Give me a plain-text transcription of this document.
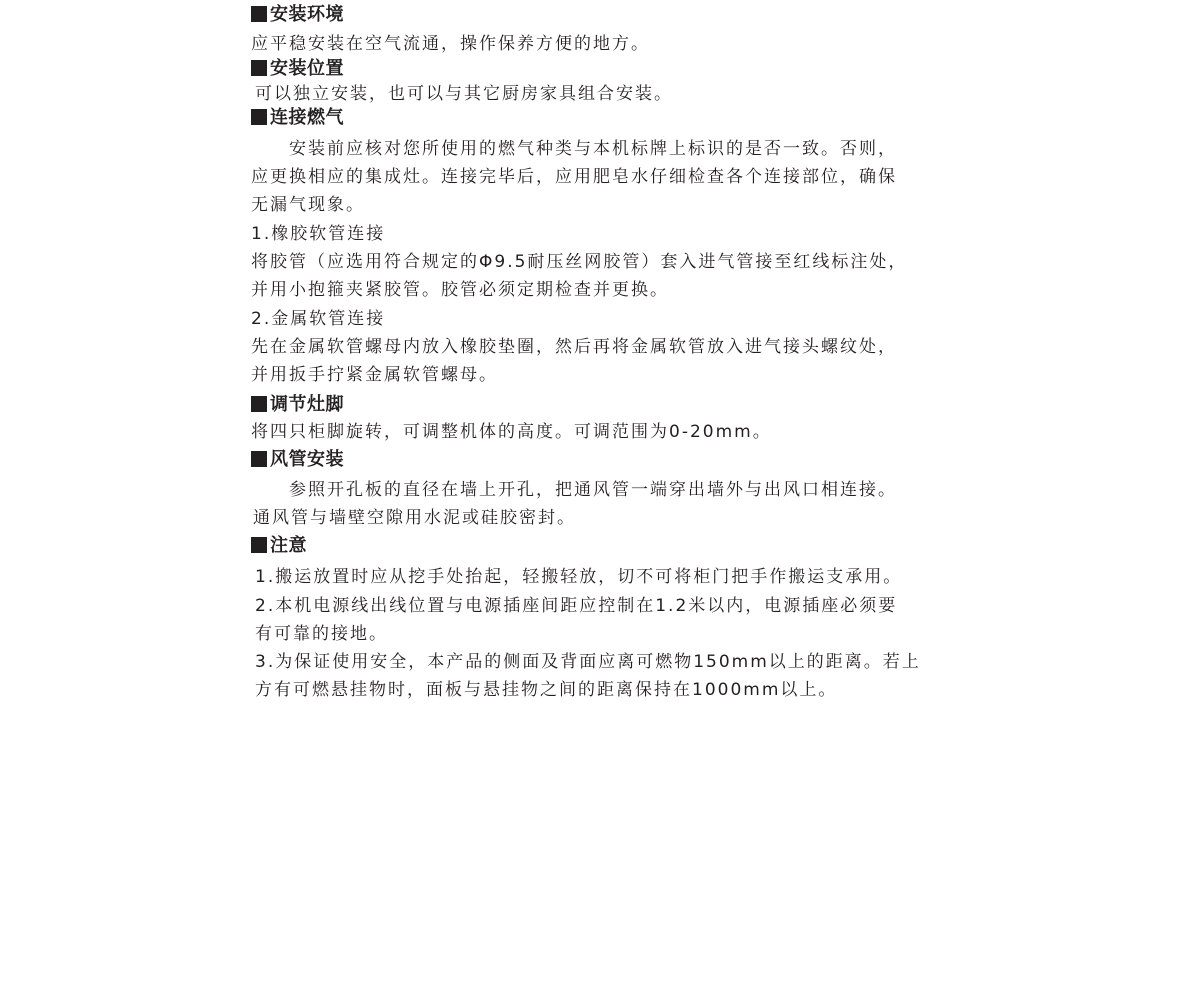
安装环境
应平稳安装在空气流通，操作保养方便的地方。
安装位置
可以独立安装，也可以与其它厨房家具组合安装。
连接燃气
安装前应核对您所使用的燃气种类与本机标牌上标识的是否一致。否则，
应更换相应的集成灶。连接完毕后，应用肥皂水仔细检查各个连接部位，确保
无漏气现象。
1.橡胶软管连接
将胶管（应选用符合规定的Φ9.5耐压丝网胶管）套入进气管接至红线标注处，
并用小抱箍夹紧胶管。胶管必须定期检查并更换。
2.金属软管连接
先在金属软管螺母内放入橡胶垫圈，然后再将金属软管放入进气接头螺纹处，
并用扳手拧紧金属软管螺母。
调节灶脚
将四只柜脚旋转，可调整机体的高度。可调范围为0-20mm。
风管安装
参照开孔板的直径在墙上开孔，把通风管一端穿出墙外与出风口相连接。
通风管与墙壁空隙用水泥或硅胶密封。
注意
1.搬运放置时应从挖手处抬起，轻搬轻放，切不可将柜门把手作搬运支承用。
2.本机电源线出线位置与电源插座间距应控制在1.2米以内，电源插座必须要
有可靠的接地。
3.为保证使用安全，本产品的侧面及背面应离可燃物150mm以上的距离。若上
方有可燃悬挂物时，面板与悬挂物之间的距离保持在1000mm以上。
